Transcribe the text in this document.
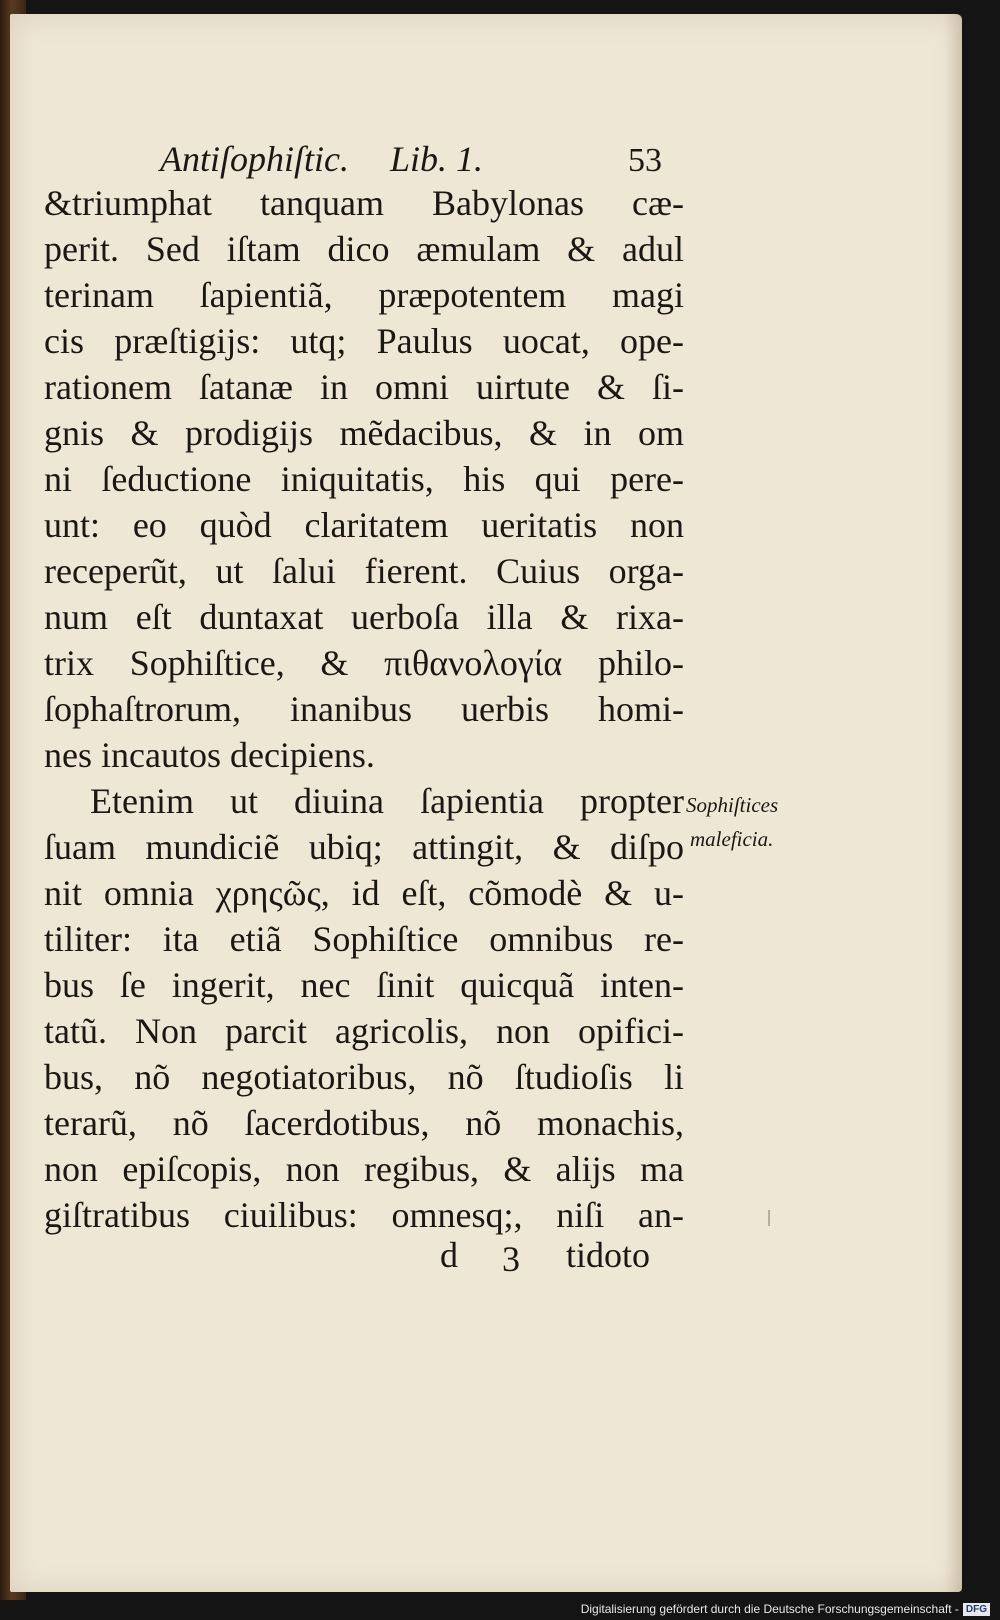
Antiſophiſtic. Lib. 1.	53
&triumphat tanquam Babylonas cæ-
perit. Sed iſtam dico æmulam & adul
terinam ſapientiã, præpotentem magi
cis præſtigijs: utq; Paulus uocat, ope-
rationem ſatanæ in omni uirtute & ſi-
gnis & prodigijs mẽdacibus, & in om
ni ſeductione iniquitatis, his qui pere-
unt: eo quòd claritatem ueritatis non
receperũt, ut ſalui fierent. Cuius orga-
num eſt duntaxat uerboſa illa & rixa-
trix Sophiſtice, & πιθανολογία philo-
ſophaſtrorum, inanibus uerbis homi-
nes incautos decipiens.
Etenim ut diuina ſapientia propter
ſuam mundiciẽ ubiq; attingit, & diſpo
nit omnia χρηςῶς, id eſt, cõmodè & u-
tiliter: ita etiã Sophiſtice omnibus re-
bus ſe ingerit, nec ſinit quicquã inten-
tatũ. Non parcit agricolis, non opifici-
bus, nõ negotiatoribus, nõ ſtudioſis li
terarũ, nõ ſacerdotibus, nõ monachis,
non epiſcopis, non regibus, & alijs ma
giſtratibus ciuilibus: omnesq;, niſi an-
Sophiſtices
maleficia.
d 3 tidoto
Digitalisierung gefördert durch die Deutsche Forschungsgemeinschaft - DFG
